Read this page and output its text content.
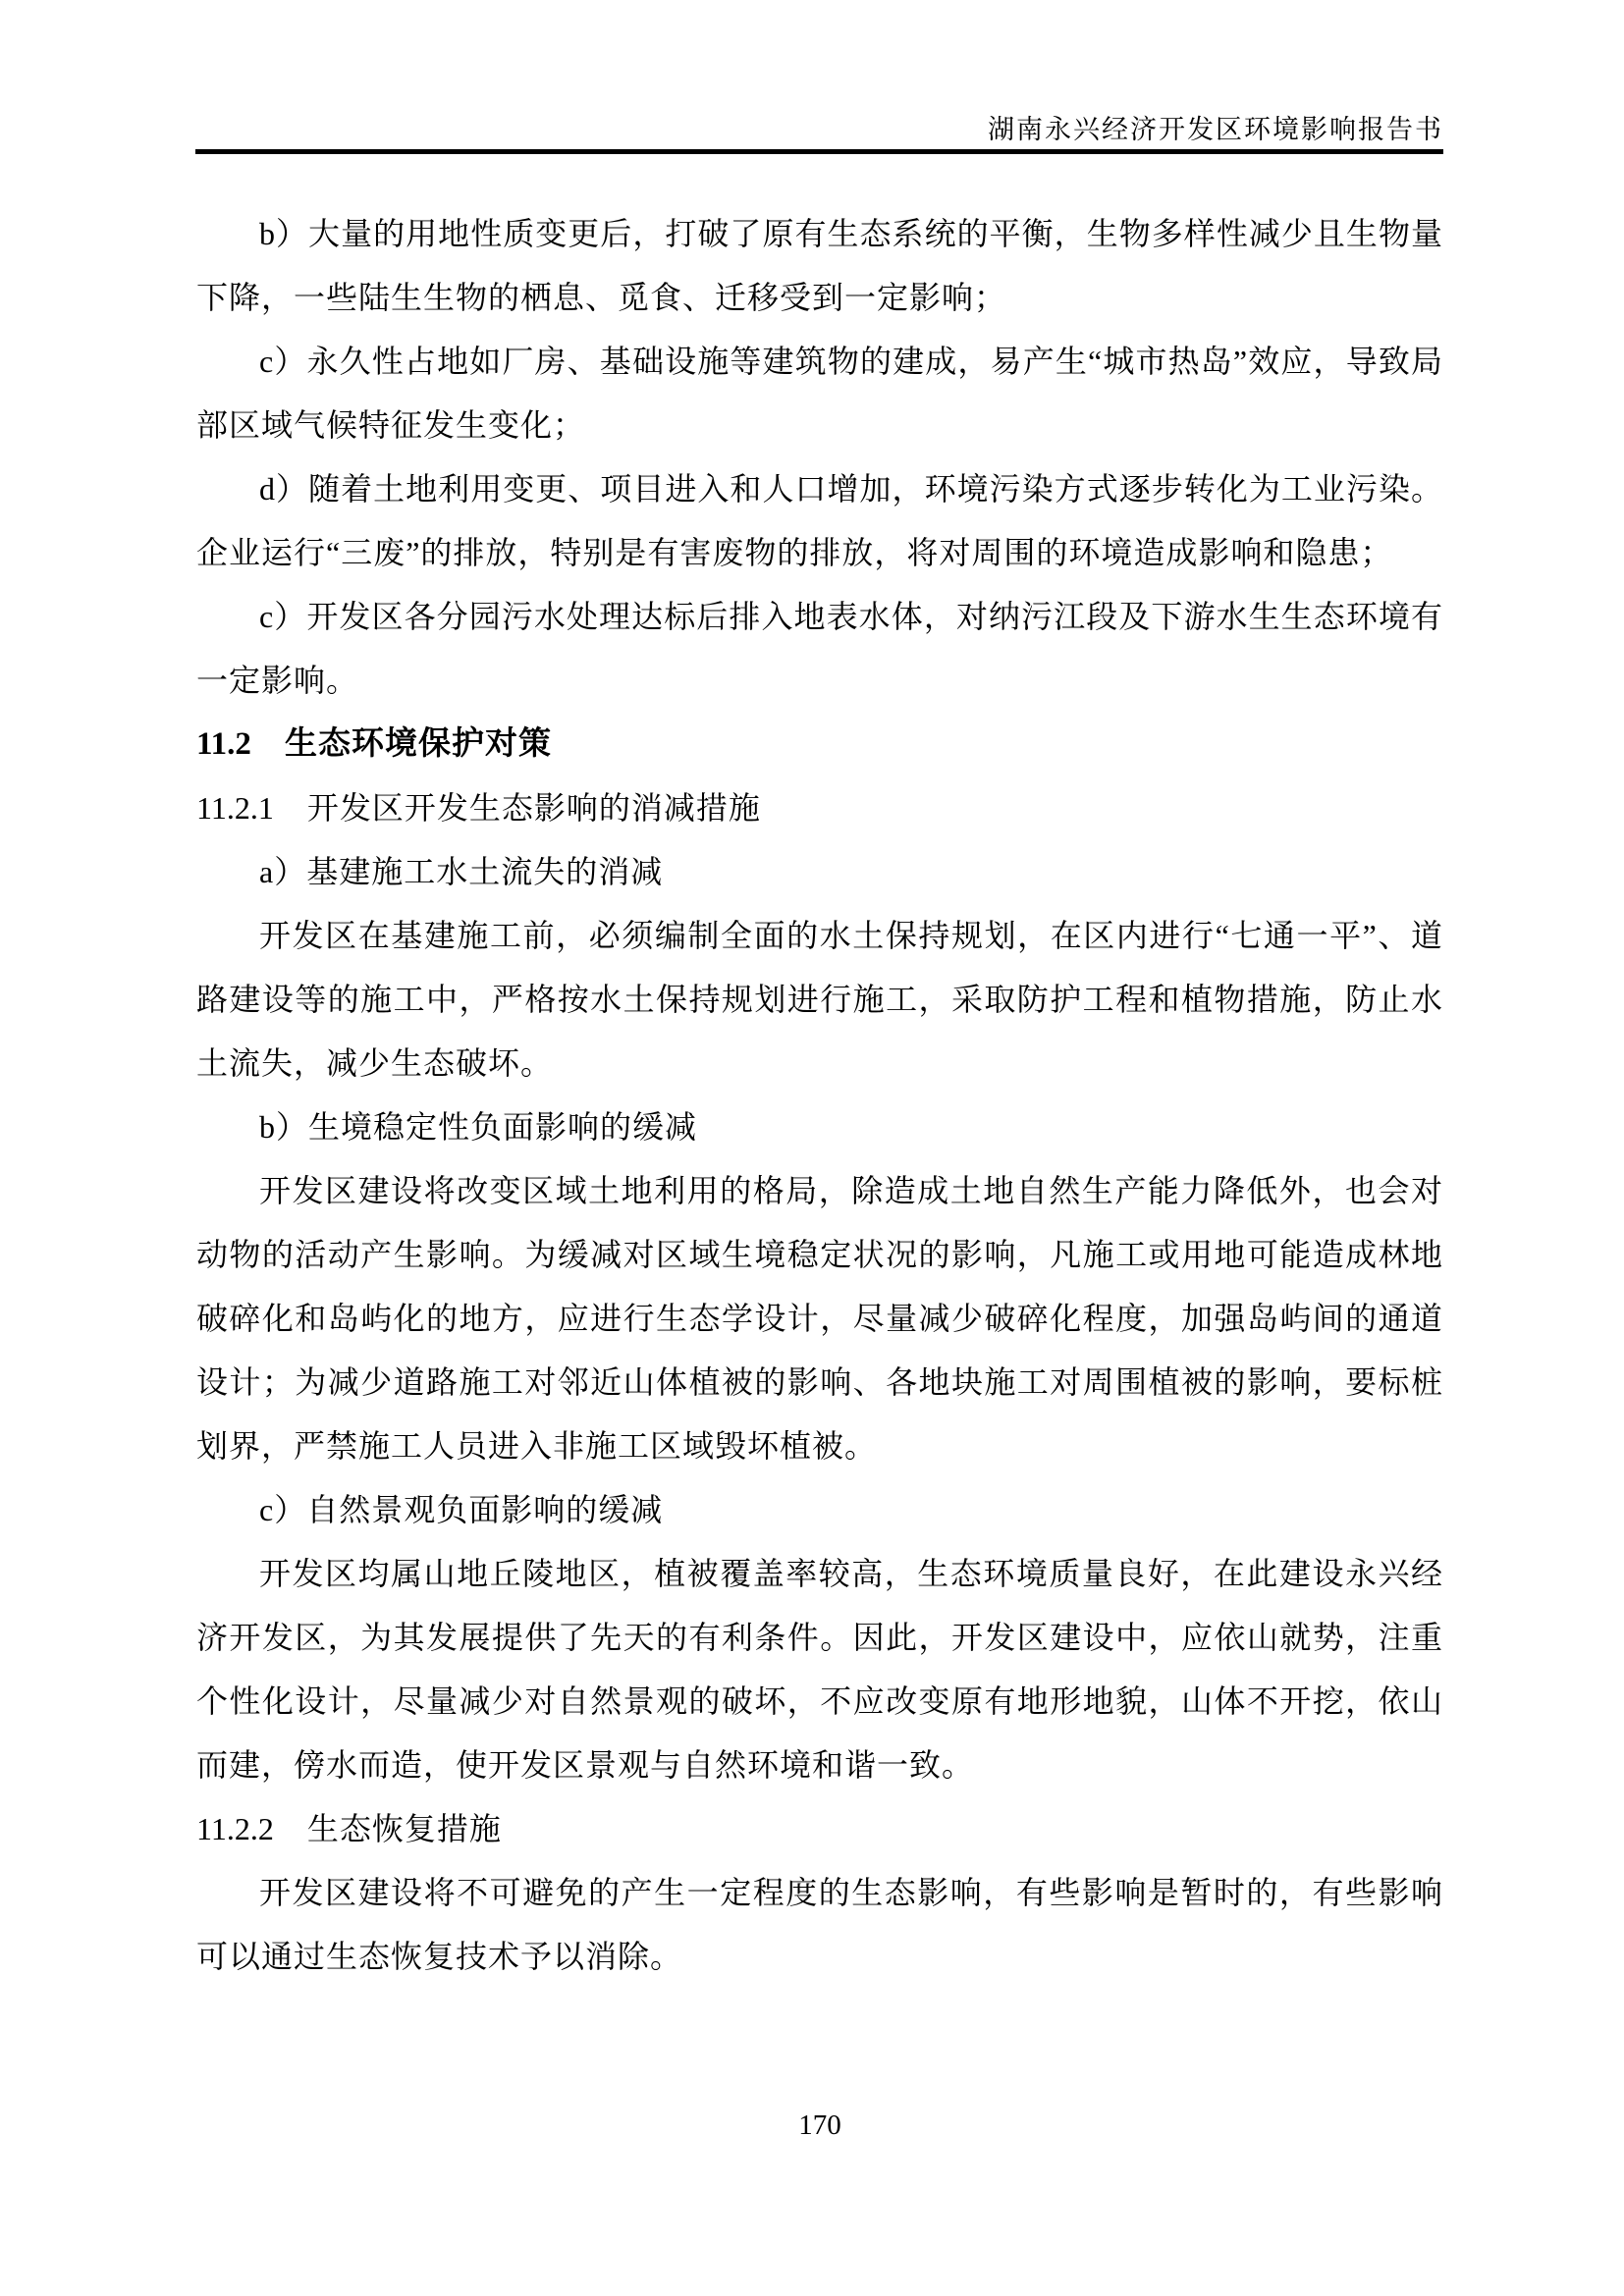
湖南永兴经济开发区环境影响报告书

b）大量的用地性质变更后，打破了原有生态系统的平衡，生物多样性减少且生物量下降，一些陆生生物的栖息、觅食、迁移受到一定影响；

c）永久性占地如厂房、基础设施等建筑物的建成，易产生“城市热岛”效应，导致局部区域气候特征发生变化；

d）随着土地利用变更、项目进入和人口增加，环境污染方式逐步转化为工业污染。企业运行“三废”的排放，特别是有害废物的排放，将对周围的环境造成影响和隐患；

c）开发区各分园污水处理达标后排入地表水体，对纳污江段及下游水生生态环境有一定影响。

11.2 生态环境保护对策
11.2.1 开发区开发生态影响的消减措施

a）基建施工水土流失的消减

开发区在基建施工前，必须编制全面的水土保持规划，在区内进行“七通一平”、道路建设等的施工中，严格按水土保持规划进行施工，采取防护工程和植物措施，防止水土流失，减少生态破坏。

b）生境稳定性负面影响的缓减

开发区建设将改变区域土地利用的格局，除造成土地自然生产能力降低外，也会对动物的活动产生影响。为缓减对区域生境稳定状况的影响，凡施工或用地可能造成林地破碎化和岛屿化的地方，应进行生态学设计，尽量减少破碎化程度，加强岛屿间的通道设计；为减少道路施工对邻近山体植被的影响、各地块施工对周围植被的影响，要标桩划界，严禁施工人员进入非施工区域毁坏植被。

c）自然景观负面影响的缓减

开发区均属山地丘陵地区，植被覆盖率较高，生态环境质量良好，在此建设永兴经济开发区，为其发展提供了先天的有利条件。因此，开发区建设中，应依山就势，注重个性化设计，尽量减少对自然景观的破坏，不应改变原有地形地貌，山体不开挖，依山而建，傍水而造，使开发区景观与自然环境和谐一致。

11.2.2 生态恢复措施

开发区建设将不可避免的产生一定程度的生态影响，有些影响是暂时的，有些影响可以通过生态恢复技术予以消除。

170
